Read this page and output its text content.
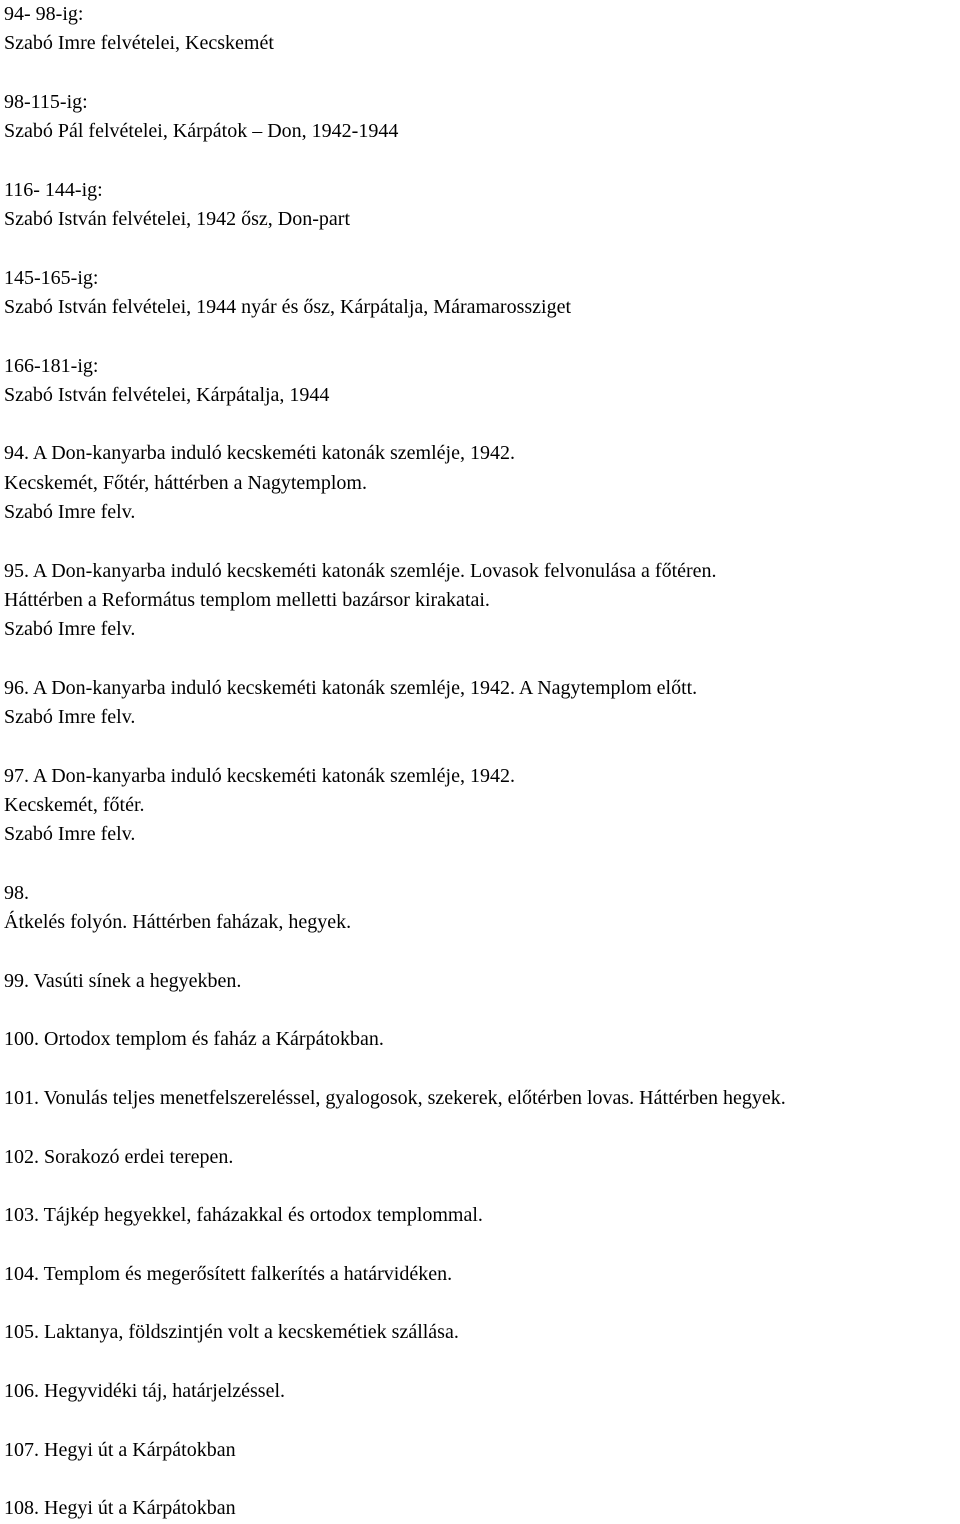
94- 98-ig:
Szabó Imre felvételei, Kecskemét
98-115-ig:
Szabó Pál felvételei, Kárpátok – Don, 1942-1944
116- 144-ig:
Szabó István felvételei, 1942 ősz, Don-part
145-165-ig:
Szabó István felvételei, 1944 nyár és ősz, Kárpátalja, Máramarossziget
166-181-ig:
Szabó István felvételei, Kárpátalja, 1944
94. A Don-kanyarba induló kecskeméti katonák szemléje, 1942.
Kecskemét, Főtér, háttérben a Nagytemplom.
Szabó Imre felv.
95. A Don-kanyarba induló kecskeméti katonák szemléje. Lovasok felvonulása a főtéren.
Háttérben a Református templom melletti bazársor kirakatai.
Szabó Imre felv.
96. A Don-kanyarba induló kecskeméti katonák szemléje, 1942. A Nagytemplom előtt.
Szabó Imre felv.
97. A Don-kanyarba induló kecskeméti katonák szemléje, 1942.
Kecskemét, főtér.
Szabó Imre felv.
98.
Átkelés folyón. Háttérben faházak, hegyek.
99. Vasúti sínek a hegyekben.
100. Ortodox templom és faház a Kárpátokban.
101. Vonulás teljes menetfelszereléssel, gyalogosok, szekerek, előtérben lovas. Háttérben hegyek.
102. Sorakozó erdei terepen.
103. Tájkép hegyekkel, faházakkal és ortodox templommal.
104. Templom és megerősített falkerítés a határvidéken.
105. Laktanya, földszintjén volt a kecskemétiek szállása.
106. Hegyvidéki táj, határjelzéssel.
107. Hegyi út a Kárpátokban
108. Hegyi út a Kárpátokban
